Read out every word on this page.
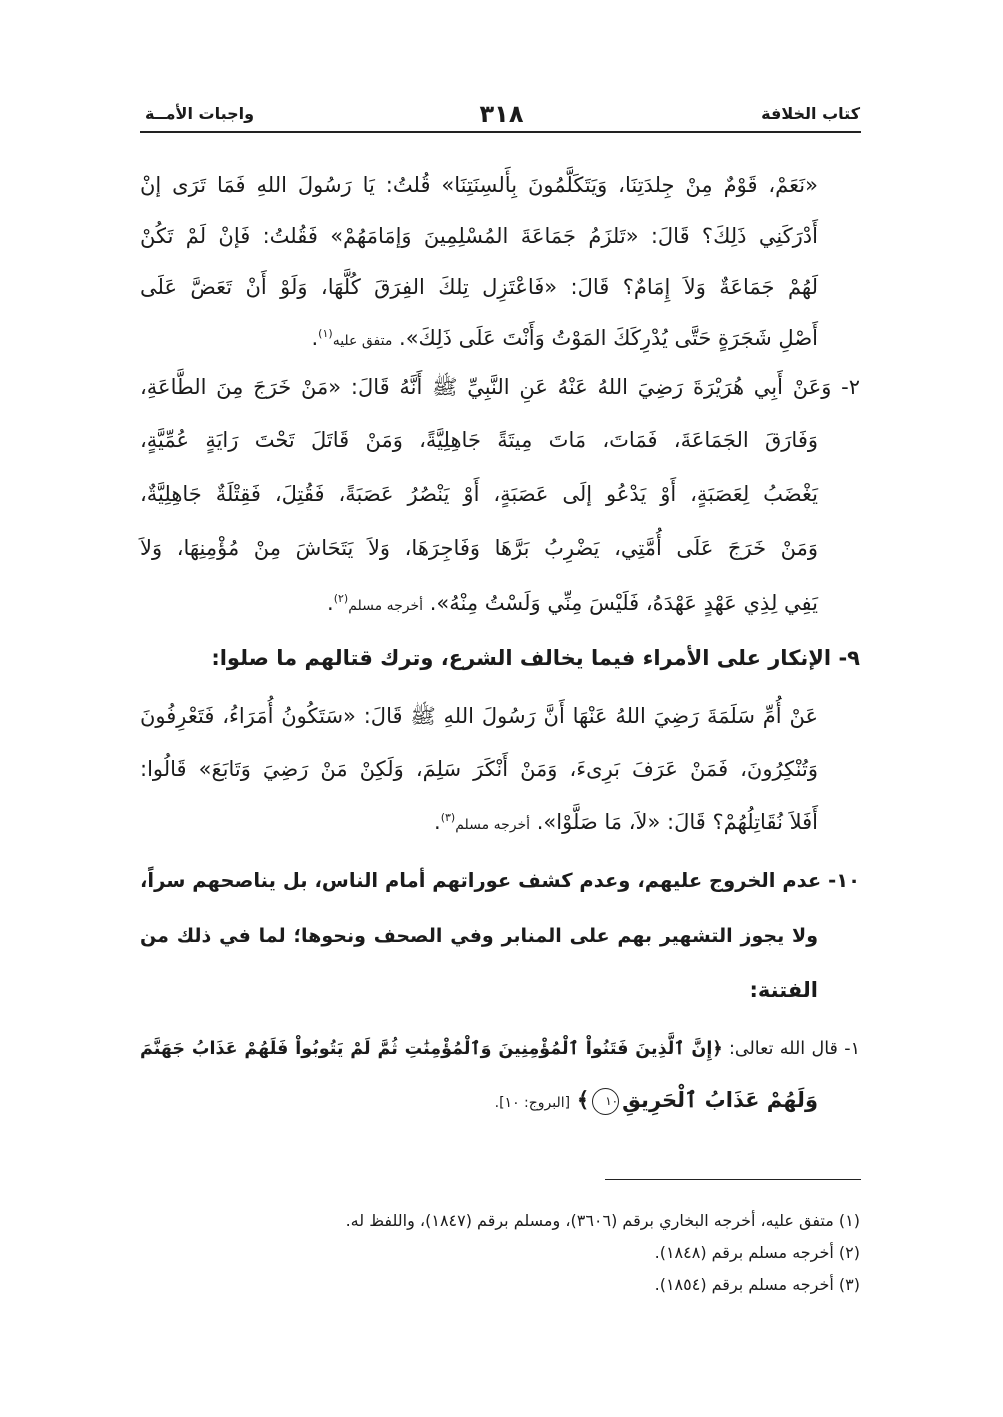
كتاب الخلافة
٣١٨
واجبات الأمــة
«نَعَمْ، قَوْمٌ مِنْ جِلدَتِنَا، وَيَتَكَلَّمُونَ بِأَلسِنَتِنَا» قُلتُ: يَا رَسُولَ اللهِ فَمَا تَرَى إنْ
أَدْرَكَنِي ذَلِكَ؟ قَالَ: «تَلزَمُ جَمَاعَةَ المُسْلِمِينَ وَإمَامَهُمْ» فَقُلتُ: فَإنْ لَمْ تَكُنْ
لَهُمْ جَمَاعَةٌ وَلاَ إِمَامٌ؟ قَالَ: «فَاعْتَزِل تِلكَ الفِرَقَ كُلَّهَا، وَلَوْ أَنْ تَعَضَّ عَلَى
أَصْلِ شَجَرَةٍ حَتَّى يُدْرِكَكَ المَوْتُ وَأَنْتَ عَلَى ذَلِكَ». متفق عليه$^{(١)}$.
٢- وَعَنْ أَبِي هُرَيْرَةَ رَضِيَ اللهُ عَنْهُ عَنِ النَّبِيِّ ﷺ أَنَّهُ قَالَ: «مَنْ خَرَجَ مِنَ الطَّاعَةِ،
وَفَارَقَ الجَمَاعَةَ، فَمَاتَ، مَاتَ مِيتَةً جَاهِلِيَّةً، وَمَنْ قَاتَلَ تَحْتَ رَايَةٍ عُمِّيَّةٍ،
يَغْضَبُ لِعَصَبَةٍ، أَوْ يَدْعُو إلَى عَصَبَةٍ، أَوْ يَنْصُرُ عَصَبَةً، فَقُتِلَ، فَقِتْلَةٌ جَاهِلِيَّةٌ،
وَمَنْ خَرَجَ عَلَى أُمَّتِي، يَضْرِبُ بَرَّهَا وَفَاجِرَهَا، وَلاَ يَتَحَاشَ مِنْ مُؤْمِنِهَا، وَلاَ
يَفِي لِذِي عَهْدٍ عَهْدَهُ، فَلَيْسَ مِنِّي وَلَسْتُ مِنْهُ». أخرجه مسلم$^{(٢)}$.
٩- الإنكار على الأمراء فيما يخالف الشرع، وترك قتالهم ما صلوا:
عَنْ أُمِّ سَلَمَةَ رَضِيَ اللهُ عَنْهَا أَنَّ رَسُولَ اللهِ ﷺ قَالَ: «سَتَكُونُ أُمَرَاءُ، فَتَعْرِفُونَ
وَتُنْكِرُونَ، فَمَنْ عَرَفَ بَرِىءَ، وَمَنْ أَنْكَرَ سَلِمَ، وَلَكِنْ مَنْ رَضِيَ وَتَابَعَ» قَالُوا:
أَفَلاَ نُقَاتِلُهُمْ؟ قَالَ: «لاَ، مَا صَلَّوْا». أخرجه مسلم$^{(٣)}$.
١٠- عدم الخروج عليهم، وعدم كشف عوراتهم أمام الناس، بل يناصحهم سراً،
ولا يجوز التشهير بهم على المنابر وفي الصحف ونحوها؛ لما في ذلك من
الفتنة:
١- قال الله تعالى: ﴿إِنَّ ٱلَّذِينَ فَتَنُواْ ٱلْمُؤْمِنِينَ وَٱلْمُؤْمِنَٰتِ ثُمَّ لَمْ يَتُوبُواْ فَلَهُمْ عَذَابُ جَهَنَّمَ
وَلَهُمْ عَذَابُ ٱلْحَرِيقِ١٠﴾ [البروج: ١٠].
(١) متفق عليه، أخرجه البخاري برقم (٣٦٠٦)، ومسلم برقم (١٨٤٧)، واللفظ له.
(٢) أخرجه مسلم برقم (١٨٤٨).
(٣) أخرجه مسلم برقم (١٨٥٤).
